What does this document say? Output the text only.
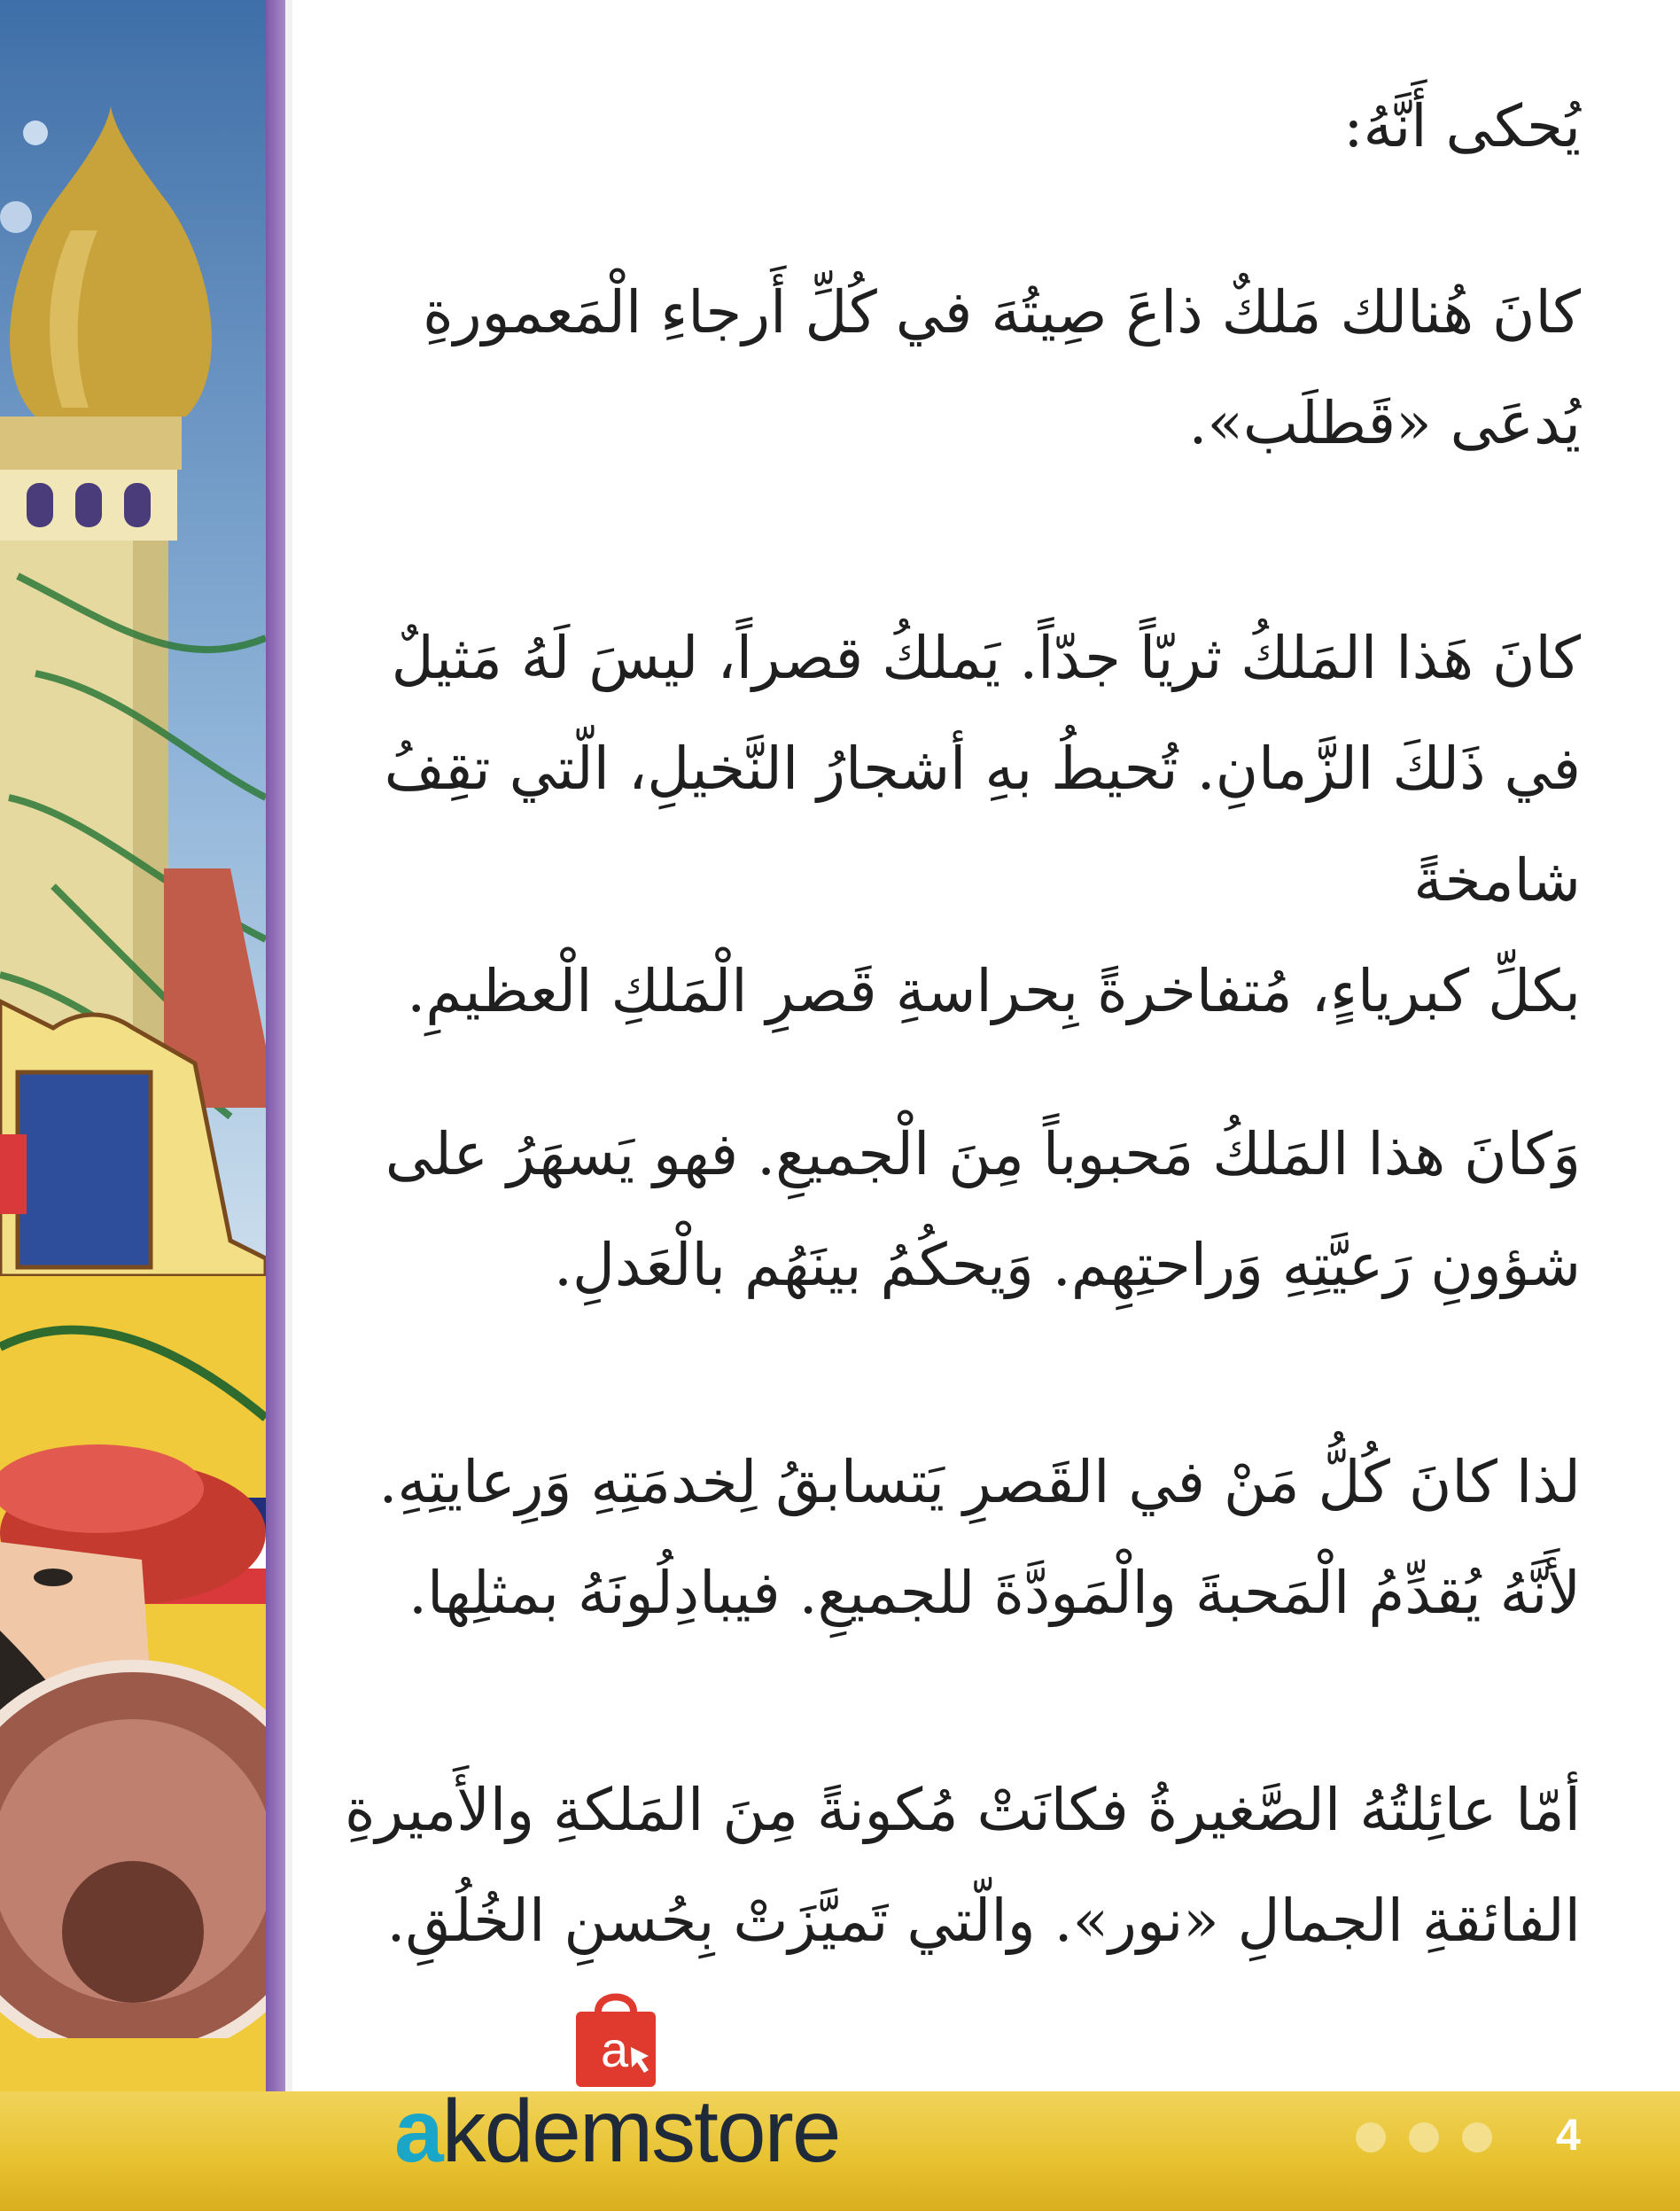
يُحكى أَنَّهُ:

كانَ هُنالك مَلكٌ ذاعَ صِيتُهَ في كُلِّ أَرجاءِ الْمَعمورةِ
يُدعَى «قَطلَب».

كانَ هَذا المَلكُ ثريّاً جدّاً. يَملكُ قصراً، ليسَ لَهُ مَثيلٌ
في ذَلكَ الزَّمانِ. تُحيطُ بهِ أشجارُ النَّخيلِ، الّتي تقِفُ شامخةً
بكلِّ كبرياءٍ، مُتفاخرةً بِحراسةِ قَصرِ الْمَلكِ الْعظيمِ.

وَكانَ هذا المَلكُ مَحبوباً مِنَ الْجميعِ. فهو يَسهَرُ على
شؤونِ رَعيَّتِهِ وَراحتِهِم. وَيحكُمُ بينَهُم بالْعَدلِ.

لذا كانَ كُلُّ مَنْ في القَصرِ يَتسابقُ لِخدمَتِهِ وَرِعايتِهِ.
لأَنَّهُ يُقدِّمُ الْمَحبةَ والْمَودَّةَ للجميعِ. فيبادِلُونَهُ بمثلِها.

أمّا عائِلتُهُ الصَّغيرةُ فكانَتْ مُكونةً مِنَ المَلكةِ والأَميرةِ
الفائقةِ الجمالِ «نور». والّتي تَميَّزَتْ بِحُسنِ الخُلُقِ.

4
a
akdemstore
